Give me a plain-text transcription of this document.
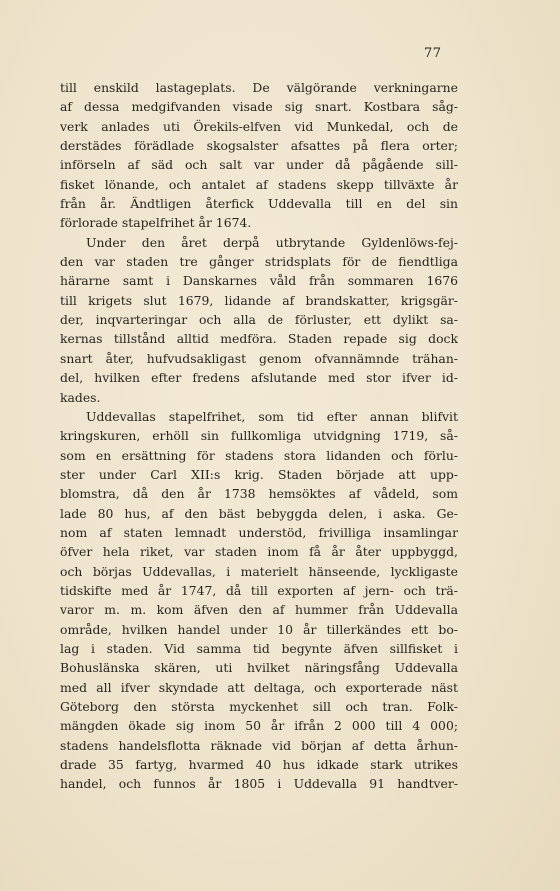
77
till enskild lastageplats. De välgörande verkningarne
af dessa medgifvanden visade sig snart. Kostbara såg-
verk anlades uti Örekils-elfven vid Munkedal, och de
derstädes förädlade skogsalster afsattes på flera orter;
införseln af säd och salt var under då pågående sill-
fisket lönande, och antalet af stadens skepp tillväxte år
från år. Ändtligen återfick Uddevalla till en del sin
förlorade stapelfrihet år 1674.
Under den året derpå utbrytande Gyldenlöws-fej-
den var staden tre gånger stridsplats för de fiendtliga
härarne samt i Danskarnes våld från sommaren 1676
till krigets slut 1679, lidande af brandskatter, krigsgär-
der, inqvarteringar och alla de förluster, ett dylikt sa-
kernas tillstånd alltid medföra. Staden repade sig dock
snart åter, hufvudsakligast genom ofvannämnde trähan-
del, hvilken efter fredens afslutande med stor ifver id-
kades.
Uddevallas stapelfrihet, som tid efter annan blifvit
kringskuren, erhöll sin fullkomliga utvidgning 1719, så-
som en ersättning för stadens stora lidanden och förlu-
ster under Carl XII:s krig. Staden började att upp-
blomstra, då den år 1738 hemsöktes af vådeld, som
lade 80 hus, af den bäst bebyggda delen, i aska. Ge-
nom af staten lemnadt understöd, frivilliga insamlingar
öfver hela riket, var staden inom få år åter uppbyggd,
och börjas Uddevallas, i materielt hänseende, lyckligaste
tidskifte med år 1747, då till exporten af jern- och trä-
varor m. m. kom äfven den af hummer från Uddevalla
område, hvilken handel under 10 år tillerkändes ett bo-
lag i staden. Vid samma tid begynte äfven sillfisket i
Bohuslänska skären, uti hvilket näringsfång Uddevalla
med all ifver skyndade att deltaga, och exporterade näst
Göteborg den största myckenhet sill och tran. Folk-
mängden ökade sig inom 50 år ifrån 2 000 till 4 000;
stadens handelsflotta räknade vid början af detta århun-
drade 35 fartyg, hvarmed 40 hus idkade stark utrikes
handel, och funnos år 1805 i Uddevalla 91 handtver-
